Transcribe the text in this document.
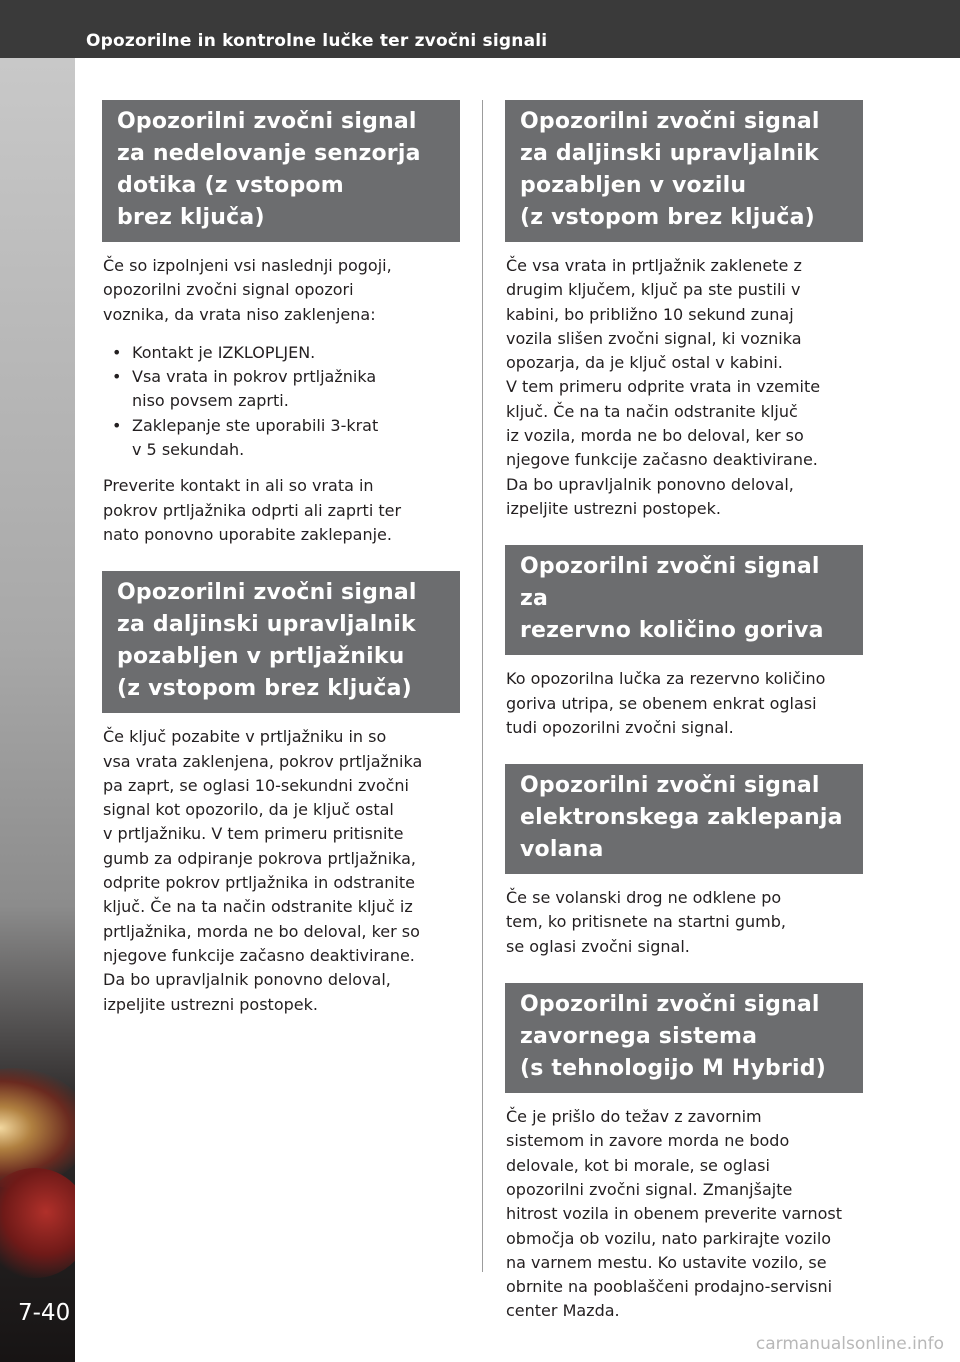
Opozorilne in kontrolne lučke ter zvočni signali
7-40
Opozorilni zvočni signal
za nedelovanje senzorja
dotika (z vstopom
brez ključa)
Če so izpolnjeni vsi naslednji pogoji,
opozorilni zvočni signal opozori
voznika, da vrata niso zaklenjena:
• Kontakt je IZKLOPLJEN.
• Vsa vrata in pokrov prtljažnika
niso povsem zaprti.
• Zaklepanje ste uporabili 3-krat
v 5 sekundah.
Preverite kontakt in ali so vrata in
pokrov prtljažnika odprti ali zaprti ter
nato ponovno uporabite zaklepanje.
Opozorilni zvočni signal
za daljinski upravljalnik
pozabljen v prtljažniku
(z vstopom brez ključa)
Če ključ pozabite v prtljažniku in so
vsa vrata zaklenjena, pokrov prtljažnika
pa zaprt, se oglasi 10-sekundni zvočni
signal kot opozorilo, da je ključ ostal
v prtljažniku. V tem primeru pritisnite
gumb za odpiranje pokrova prtljažnika,
odprite pokrov prtljažnika in odstranite
ključ. Če na ta način odstranite ključ iz
prtljažnika, morda ne bo deloval, ker so
njegove funkcije začasno deaktivirane.
Da bo upravljalnik ponovno deloval,
izpeljite ustrezni postopek.
Opozorilni zvočni signal
za daljinski upravljalnik
pozabljen v vozilu
(z vstopom brez ključa)
Če vsa vrata in prtljažnik zaklenete z
drugim ključem, ključ pa ste pustili v
kabini, bo približno 10 sekund zunaj
vozila slišen zvočni signal, ki voznika
opozarja, da je ključ ostal v kabini.
V tem primeru odprite vrata in vzemite
ključ. Če na ta način odstranite ključ
iz vozila, morda ne bo deloval, ker so
njegove funkcije začasno deaktivirane.
Da bo upravljalnik ponovno deloval,
izpeljite ustrezni postopek.
Opozorilni zvočni signal za
rezervno količino goriva
Ko opozorilna lučka za rezervno količino
goriva utripa, se obenem enkrat oglasi
tudi opozorilni zvočni signal.
Opozorilni zvočni signal
elektronskega zaklepanja
volana
Če se volanski drog ne odklene po
tem, ko pritisnete na startni gumb,
se oglasi zvočni signal.
Opozorilni zvočni signal
zavornega sistema
(s tehnologijo M Hybrid)
Če je prišlo do težav z zavornim
sistemom in zavore morda ne bodo
delovale, kot bi morale, se oglasi
opozorilni zvočni signal. Zmanjšajte
hitrost vozila in obenem preverite varnost
območja ob vozilu, nato parkirajte vozilo
na varnem mestu. Ko ustavite vozilo, se
obrnite na pooblaščeni prodajno-servisni
center Mazda.
carmanualsonline.info
